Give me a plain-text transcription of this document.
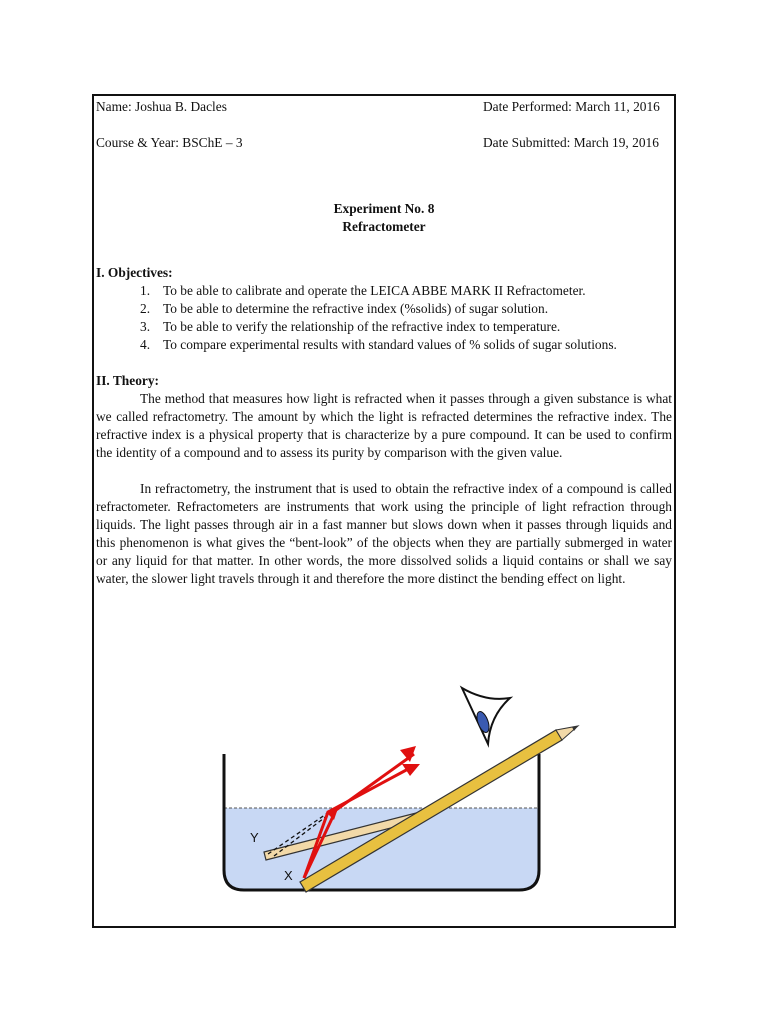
Name: Joshua B. Dacles	Date Performed: March 11, 2016
Course & Year: BSChE – 3	Date Submitted: March 19, 2016
Experiment No. 8
Refractometer
I. Objectives:
1. To be able to calibrate and operate the LEICA ABBE MARK II Refractometer.
2. To be able to determine the refractive index (%solids) of sugar solution.
3. To be able to verify the relationship of the refractive index to temperature.
4. To compare experimental results with standard values of % solids of sugar solutions.
II. Theory:

The method that measures how light is refracted when it passes through a given substance is what we called refractometry. The amount by which the light is refracted determines the refractive index. The refractive index is a physical property that is characterize by a pure compound. It can be used to confirm the identity of a compound and to assess its purity by comparison with the given value.

In refractometry, the instrument that is used to obtain the refractive index of a compound is called refractometer. Refractometers are instruments that work using the principle of light refraction through liquids. The light passes through air in a fast manner but slows down when it passes through liquids and this phenomenon is what gives the “bent-look” of the objects when they are partially submerged in water or any liquid for that matter. In other words, the more dissolved solids a liquid contains or shall we say water, the slower light travels through it and therefore the more distinct the bending effect on light.

Y
X
